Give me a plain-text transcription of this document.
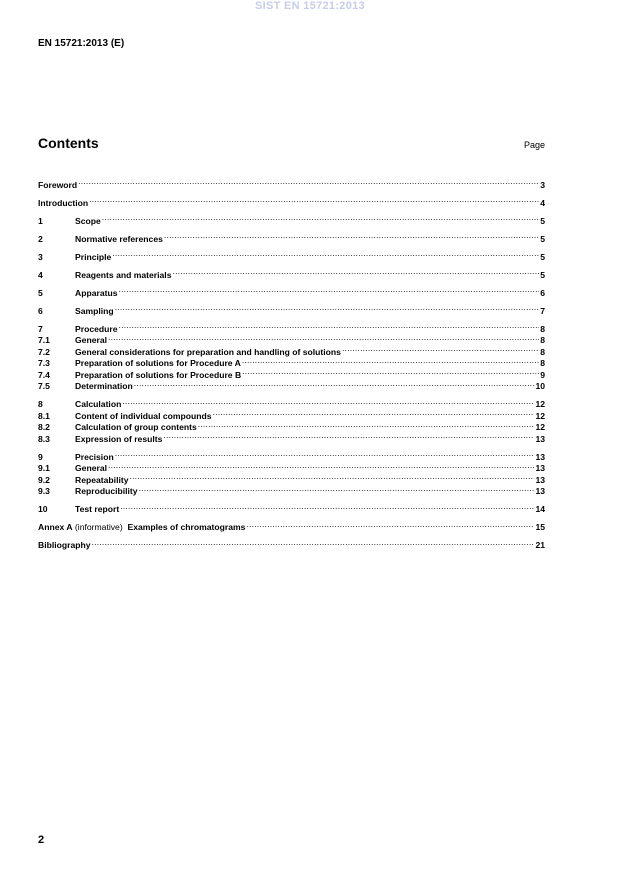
SIST EN 15721:2013
EN 15721:2013 (E)
Contents	Page
Foreword .....	3
Introduction .....	4
1	Scope .....	5
2	Normative references .....	5
3	Principle .....	5
4	Reagents and materials .....	5
5	Apparatus .....	6
6	Sampling .....	7
7	Procedure .....	8
7.1	General .....	8
7.2	General considerations for preparation and handling of solutions .....	8
7.3	Preparation of solutions for Procedure A .....	8
7.4	Preparation of solutions for Procedure B .....	9
7.5	Determination .....	10
8	Calculation .....	12
8.1	Content of individual compounds .....	12
8.2	Calculation of group contents .....	12
8.3	Expression of results .....	13
9	Precision .....	13
9.1	General .....	13
9.2	Repeatability .....	13
9.3	Reproducibility .....	13
10	Test report .....	14
Annex A (informative)  Examples of chromatograms .....	15
Bibliography .....	21
2
